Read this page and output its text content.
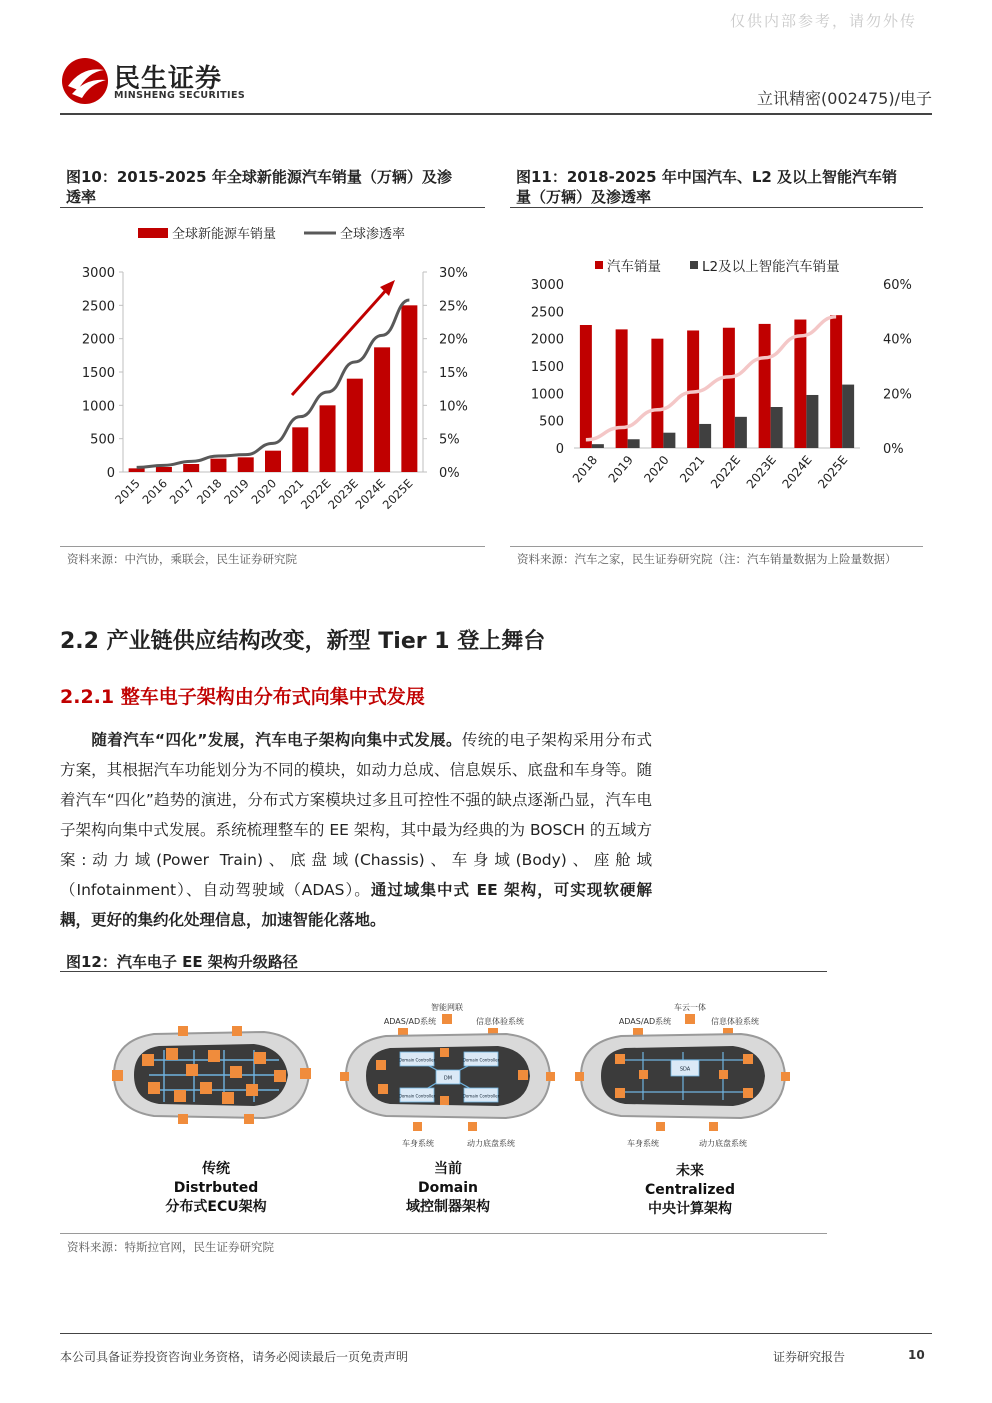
仅供内部参考，请勿外传
民生证券
MINSHENG SECURITIES	立讯精密(002475)/电子
图10：2015-2025 年全球新能源汽车销量（万辆）及渗
透率
全球新能源车销量	全球渗透率
3000
2500
2000
1500
1000
500
0
30%
25%
20%
15%
10%
5%
0%
2015
2016
2017
2018
2019
2020
2021
2022E
2023E
2024E
2025E
资料来源：中汽协，乘联会，民生证券研究院
图11：2018-2025 年中国汽车、L2 及以上智能汽车销
量（万辆）及渗透率
汽车销量	L2及以上智能汽车销量
3000
2500
2000
1500
1000
500
0
60%
40%
20%
0%
2018 2019 2020 2021 2022E 2023E 2024E 2025E
资料来源：汽车之家，民生证券研究院（注：汽车销量数据为上险量数据）
2.2 产业链供应结构改变，新型 Tier 1 登上舞台
2.2.1 整车电子架构由分布式向集中式发展
随着汽车“四化”发展，汽车电子架构向集中式发展。传统的电子架构采用分布式方案，其根据汽车功能划分为不同的模块，如动力总成、信息娱乐、底盘和车身等。随着汽车“四化”趋势的演进，分布式方案模块过多且可控性不强的缺点逐渐凸显，汽车电子架构向集中式发展。系统梳理整车的 EE 架构，其中最为经典的为 BOSCH 的五域方案:动力域(Power Train)、底盘域(Chassis)、车身域(Body)、座舱域（Infotainment）、自动驾驶域（ADAS）。通过域集中式 EE 架构，可实现软硬解耦，更好的集约化处理信息，加速智能化落地。
图12：汽车电子 EE 架构升级路径
智能网联
ADAS/AD系统	信息体验系统
Domain Controller	Domain Controller
Domain Controller	Domain Controller
DM
车身系统	动力底盘系统
车云一体
ADAS/AD系统	信息体验系统
SDA
车身系统	动力底盘系统
传统
Distrbuted
分布式ECU架构
当前
Domain
域控制器架构
未来
Centralized
中央计算架构
资料来源：特斯拉官网，民生证券研究院
本公司具备证券投资咨询业务资格，请务必阅读最后一页免责声明	证券研究报告	10
